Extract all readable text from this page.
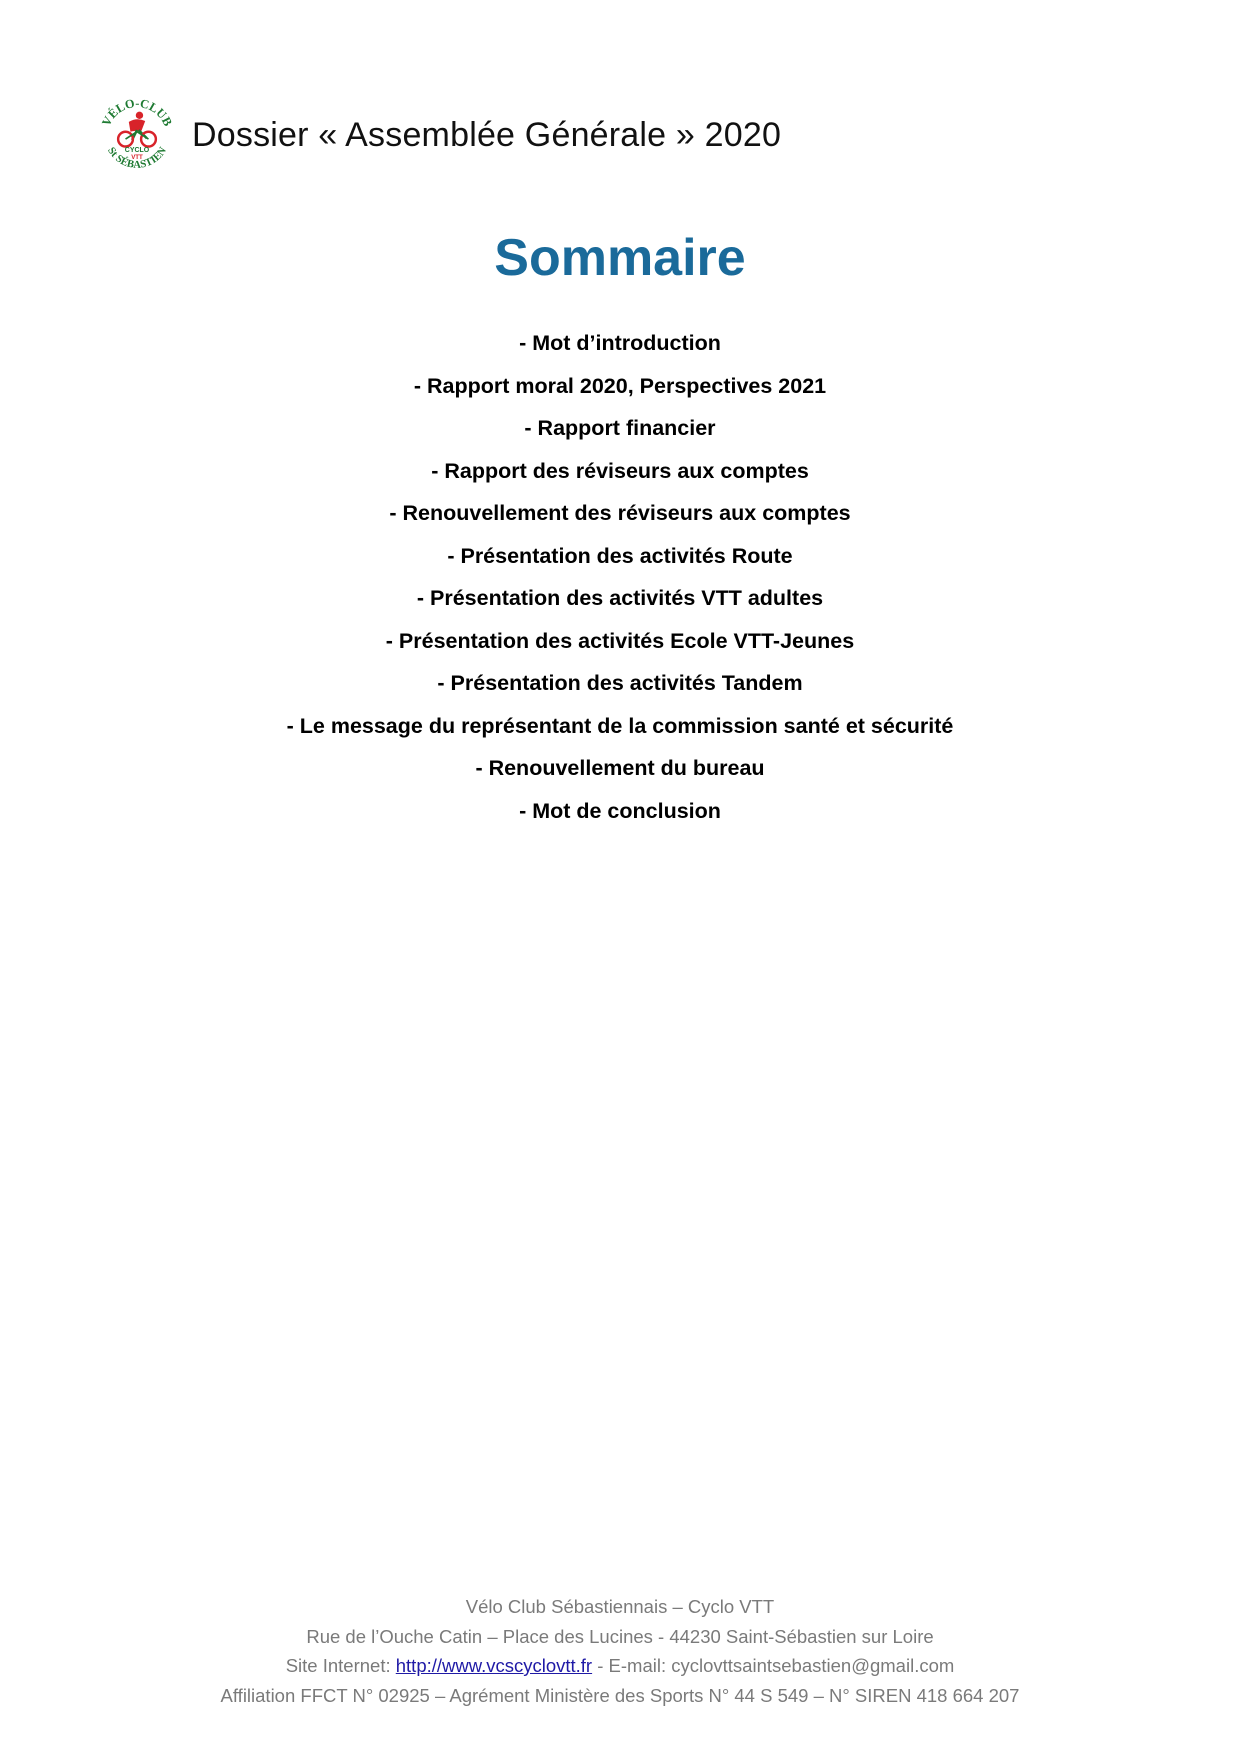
VÉLO-CLUB
St SÉBASTIEN
CYCLO
VTT
Dossier « Assemblée Générale » 2020
Sommaire
- Mot d’introduction
- Rapport moral 2020, Perspectives 2021
- Rapport financier
- Rapport des réviseurs aux comptes
- Renouvellement des réviseurs aux comptes
- Présentation des activités Route
- Présentation des activités VTT adultes
- Présentation des activités Ecole VTT-Jeunes
- Présentation des activités Tandem
- Le message du représentant de la commission santé et sécurité
- Renouvellement du bureau
- Mot de conclusion
Vélo Club Sébastiennais – Cyclo VTT
Rue de l’Ouche Catin – Place des Lucines - 44230 Saint-Sébastien sur Loire
Site Internet: http://www.vcscyclovtt.fr - E-mail: cyclovttsaintsebastien@gmail.com
Affiliation FFCT N° 02925 – Agrément Ministère des Sports N° 44 S 549 – N° SIREN 418 664 207
